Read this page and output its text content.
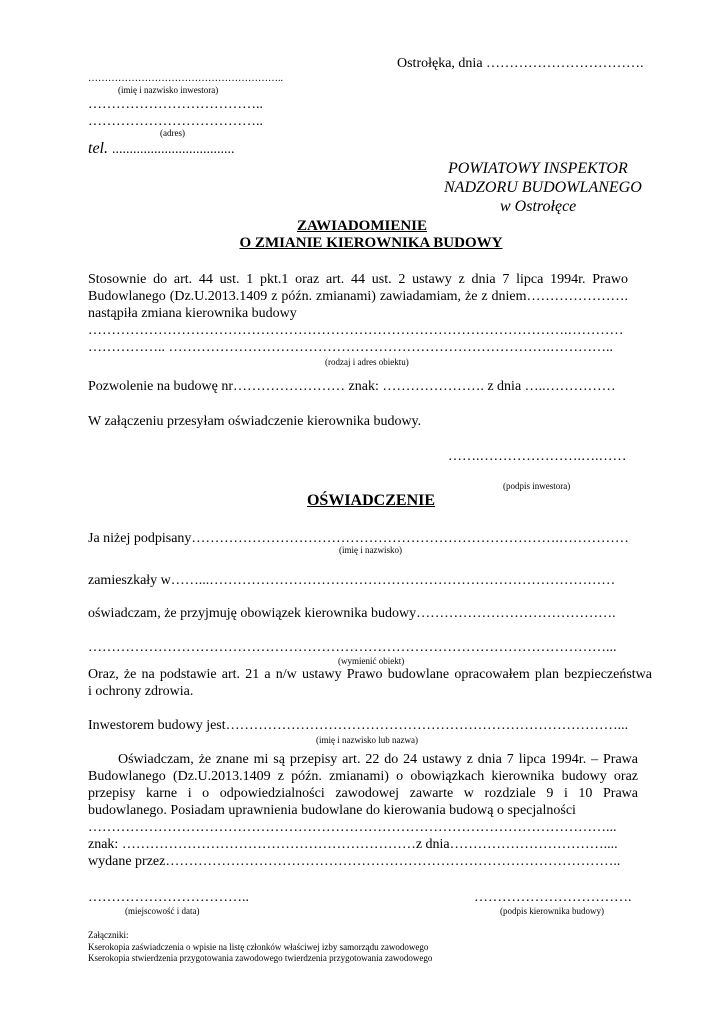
Ostrołęka, dnia …………………………….
…………………………………………………..
(imię i nazwisko inwestora)
………………………………..
………………………………..
(adres)
tel. ...................................
POWIATOWY INSPEKTOR
NADZORU BUDOWLANEGO
w Ostrołęce
ZAWIADOMIENIE
O ZMIANIE KIEROWNIKA BUDOWY
Stosownie do art. 44 ust. 1 pkt.1 oraz art. 44 ust. 2 ustawy z dnia 7 lipca 1994r. Prawo
Budowlanego (Dz.U.2013.1409 z późn. zmianami) zawiadamiam, że z dniem………………….
nastąpiła zmiana kierownika budowy
………………………………………………………………………………………….…………
…………….. ……………………………………………………………………….…………..
(rodzaj i adres obiektu)
Pozwolenie na budowę nr…………………… znak: …………………. z dnia …..……………
W załączeniu przesyłam oświadczenie kierownika budowy.
…….………………….….……
(podpis inwestora)
OŚWIADCZENIE
Ja niżej podpisany…………………………………………………………………….……………
(imię i nazwisko)
zamieszkały w……...……………………………………………………………………………
oświadczam, że przyjmuję obowiązek kierownika budowy…………………………………….
…………………………………………………………………………………………………...
(wymienić obiekt)
Oraz, że na podstawie art. 21 a n/w ustawy Prawo budowlane opracowałem plan bezpieczeństwa
i ochrony zdrowia.
Inwestorem budowy jest…………………………………………………………………………...
(imię i nazwisko lub nazwa)
Oświadczam, że znane mi są przepisy art. 22 do 24 ustawy z dnia 7 lipca 1994r. – Prawa
Budowlanego (Dz.U.2013.1409 z późn. zmianami) o obowiązkach kierownika budowy oraz
przepisy karne i o odpowiedzialności zawodowej zawarte w rozdziale 9 i 10 Prawa
budowlanego. Posiadam uprawnienia budowlane do kierowania budową o specjalności
…………………………………………………………………………………………………...
znak: ………………………………………………………z dnia……………………………....
wydane przez……………………………………………………………………………………..
……………………………..
(miejscowość i data)
…………………………….
(podpis kierownika budowy)
Załączniki:
Kserokopia zaświadczenia o wpisie na listę członków właściwej izby samorządu zawodowego
Kserokopia stwierdzenia przygotowania zawodowego twierdzenia przygotowania zawodowego
